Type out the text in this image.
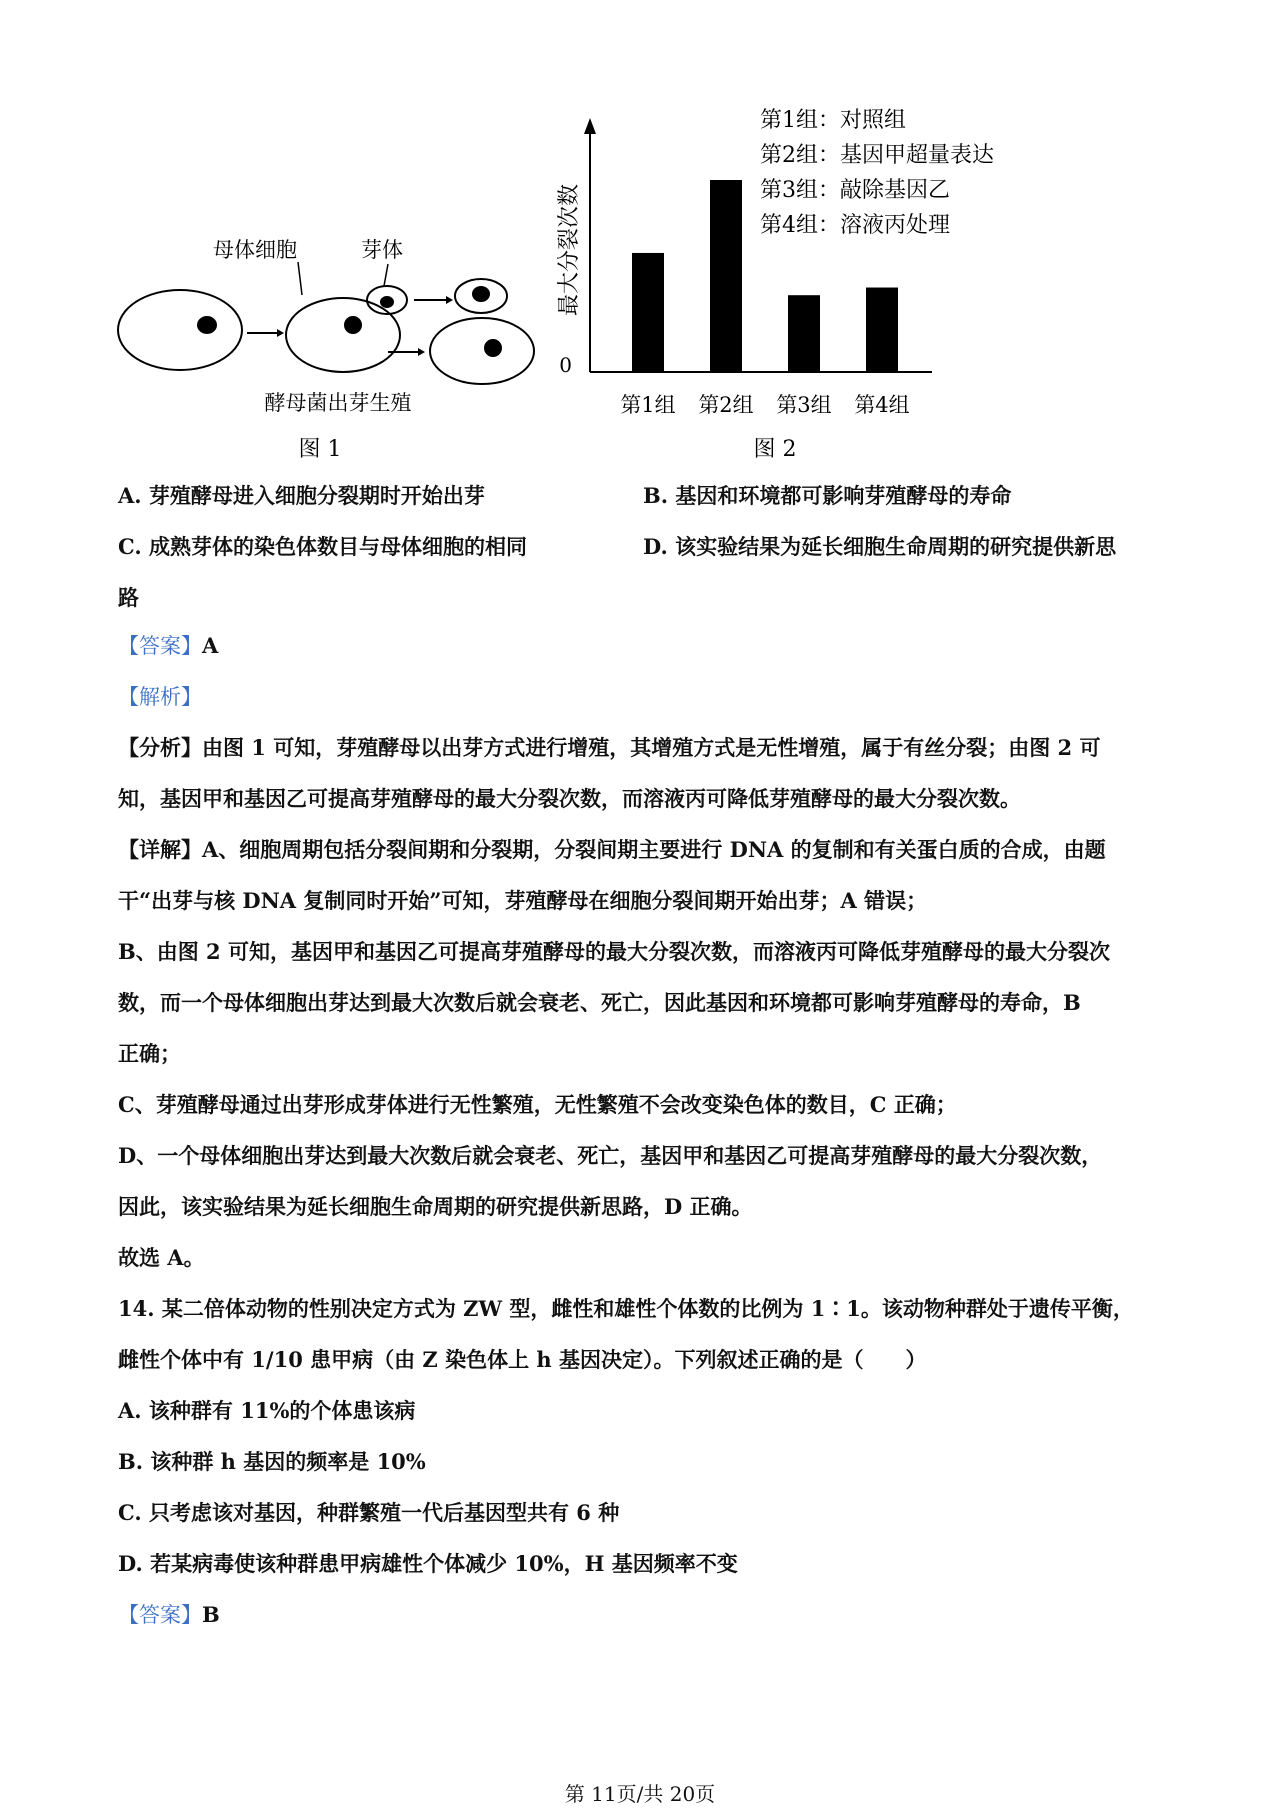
母体细胞	芽体
酵母菌出芽生殖
图 1
0
最大分裂次数
第1组 第2组 第3组 第4组
第1组：对照组
第2组：基因甲超量表达
第3组：敲除基因乙
第4组：溶液丙处理
图 2
A. 芽殖酵母进入细胞分裂期时开始出芽	B. 基因和环境都可影响芽殖酵母的寿命
C. 成熟芽体的染色体数目与母体细胞的相同	D. 该实验结果为延长细胞生命周期的研究提供新思
路
【答案】A
【解析】
【分析】由图 1 可知，芽殖酵母以出芽方式进行增殖，其增殖方式是无性增殖，属于有丝分裂；由图 2 可
知，基因甲和基因乙可提高芽殖酵母的最大分裂次数，而溶液丙可降低芽殖酵母的最大分裂次数。
【详解】A、细胞周期包括分裂间期和分裂期，分裂间期主要进行 DNA 的复制和有关蛋白质的合成，由题
干“出芽与核 DNA 复制同时开始”可知，芽殖酵母在细胞分裂间期开始出芽；A 错误；
B、由图 2 可知，基因甲和基因乙可提高芽殖酵母的最大分裂次数，而溶液丙可降低芽殖酵母的最大分裂次
数，而一个母体细胞出芽达到最大次数后就会衰老、死亡，因此基因和环境都可影响芽殖酵母的寿命，B
正确；
C、芽殖酵母通过出芽形成芽体进行无性繁殖，无性繁殖不会改变染色体的数目，C 正确；
D、一个母体细胞出芽达到最大次数后就会衰老、死亡，基因甲和基因乙可提高芽殖酵母的最大分裂次数，
因此，该实验结果为延长细胞生命周期的研究提供新思路，D 正确。
故选 A。
14. 某二倍体动物的性别决定方式为 ZW 型，雌性和雄性个体数的比例为 1∶1。该动物种群处于遗传平衡，
雌性个体中有 1/10 患甲病（由 Z 染色体上 h 基因决定）。下列叙述正确的是（　　）
A. 该种群有 11%的个体患该病
B. 该种群 h 基因的频率是 10%
C. 只考虑该对基因，种群繁殖一代后基因型共有 6 种
D. 若某病毒使该种群患甲病雄性个体减少 10%，H 基因频率不变
【答案】B
第 11页/共 20页
